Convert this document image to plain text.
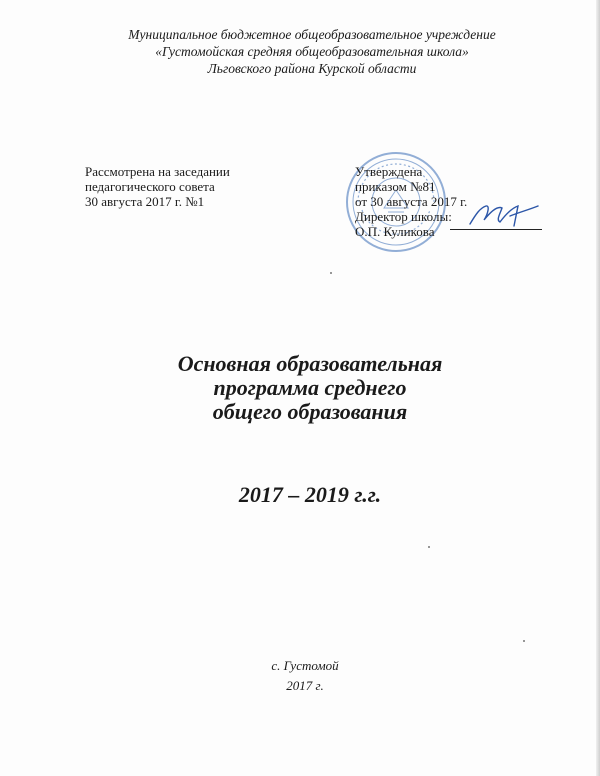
Муниципальное бюджетное общеобразовательное учреждение
«Густомойская средняя общеобразовательная школа»
Льговского района Курской области
Рассмотрена на заседании
педагогического совета
30 августа 2017 г. №1
Утверждена
приказом №81
от 30 августа 2017 г.
Директор школы:
О.П. Куликова
Основная образовательная
программа среднего
общего образования
2017 – 2019 г.г.
с. Густомой
2017 г.
